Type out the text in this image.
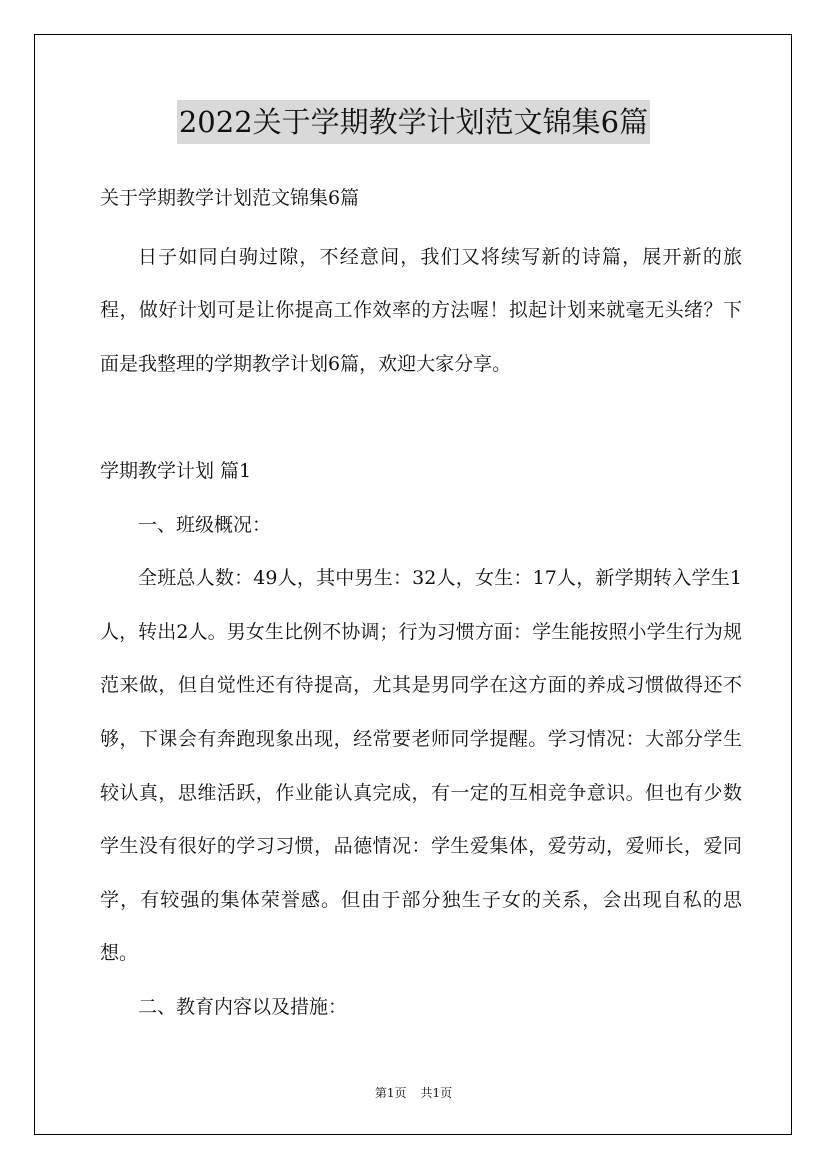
2022关于学期教学计划范文锦集6篇

关于学期教学计划范文锦集6篇

日子如同白驹过隙，不经意间，我们又将续写新的诗篇，展开新的旅程，做好计划可是让你提高工作效率的方法喔！拟起计划来就毫无头绪？下面是我整理的学期教学计划6篇，欢迎大家分享。

学期教学计划 篇1

一、班级概况：

全班总人数：49人，其中男生：32人，女生：17人，新学期转入学生1人，转出2人。男女生比例不协调；行为习惯方面：学生能按照小学生行为规范来做，但自觉性还有待提高，尤其是男同学在这方面的养成习惯做得还不够，下课会有奔跑现象出现，经常要老师同学提醒。学习情况：大部分学生较认真，思维活跃，作业能认真完成，有一定的互相竞争意识。但也有少数学生没有很好的学习习惯，品德情况：学生爱集体，爱劳动，爱师长，爱同学，有较强的集体荣誉感。但由于部分独生子女的关系，会出现自私的思想。

二、教育内容以及措施：

第1页 共1页
